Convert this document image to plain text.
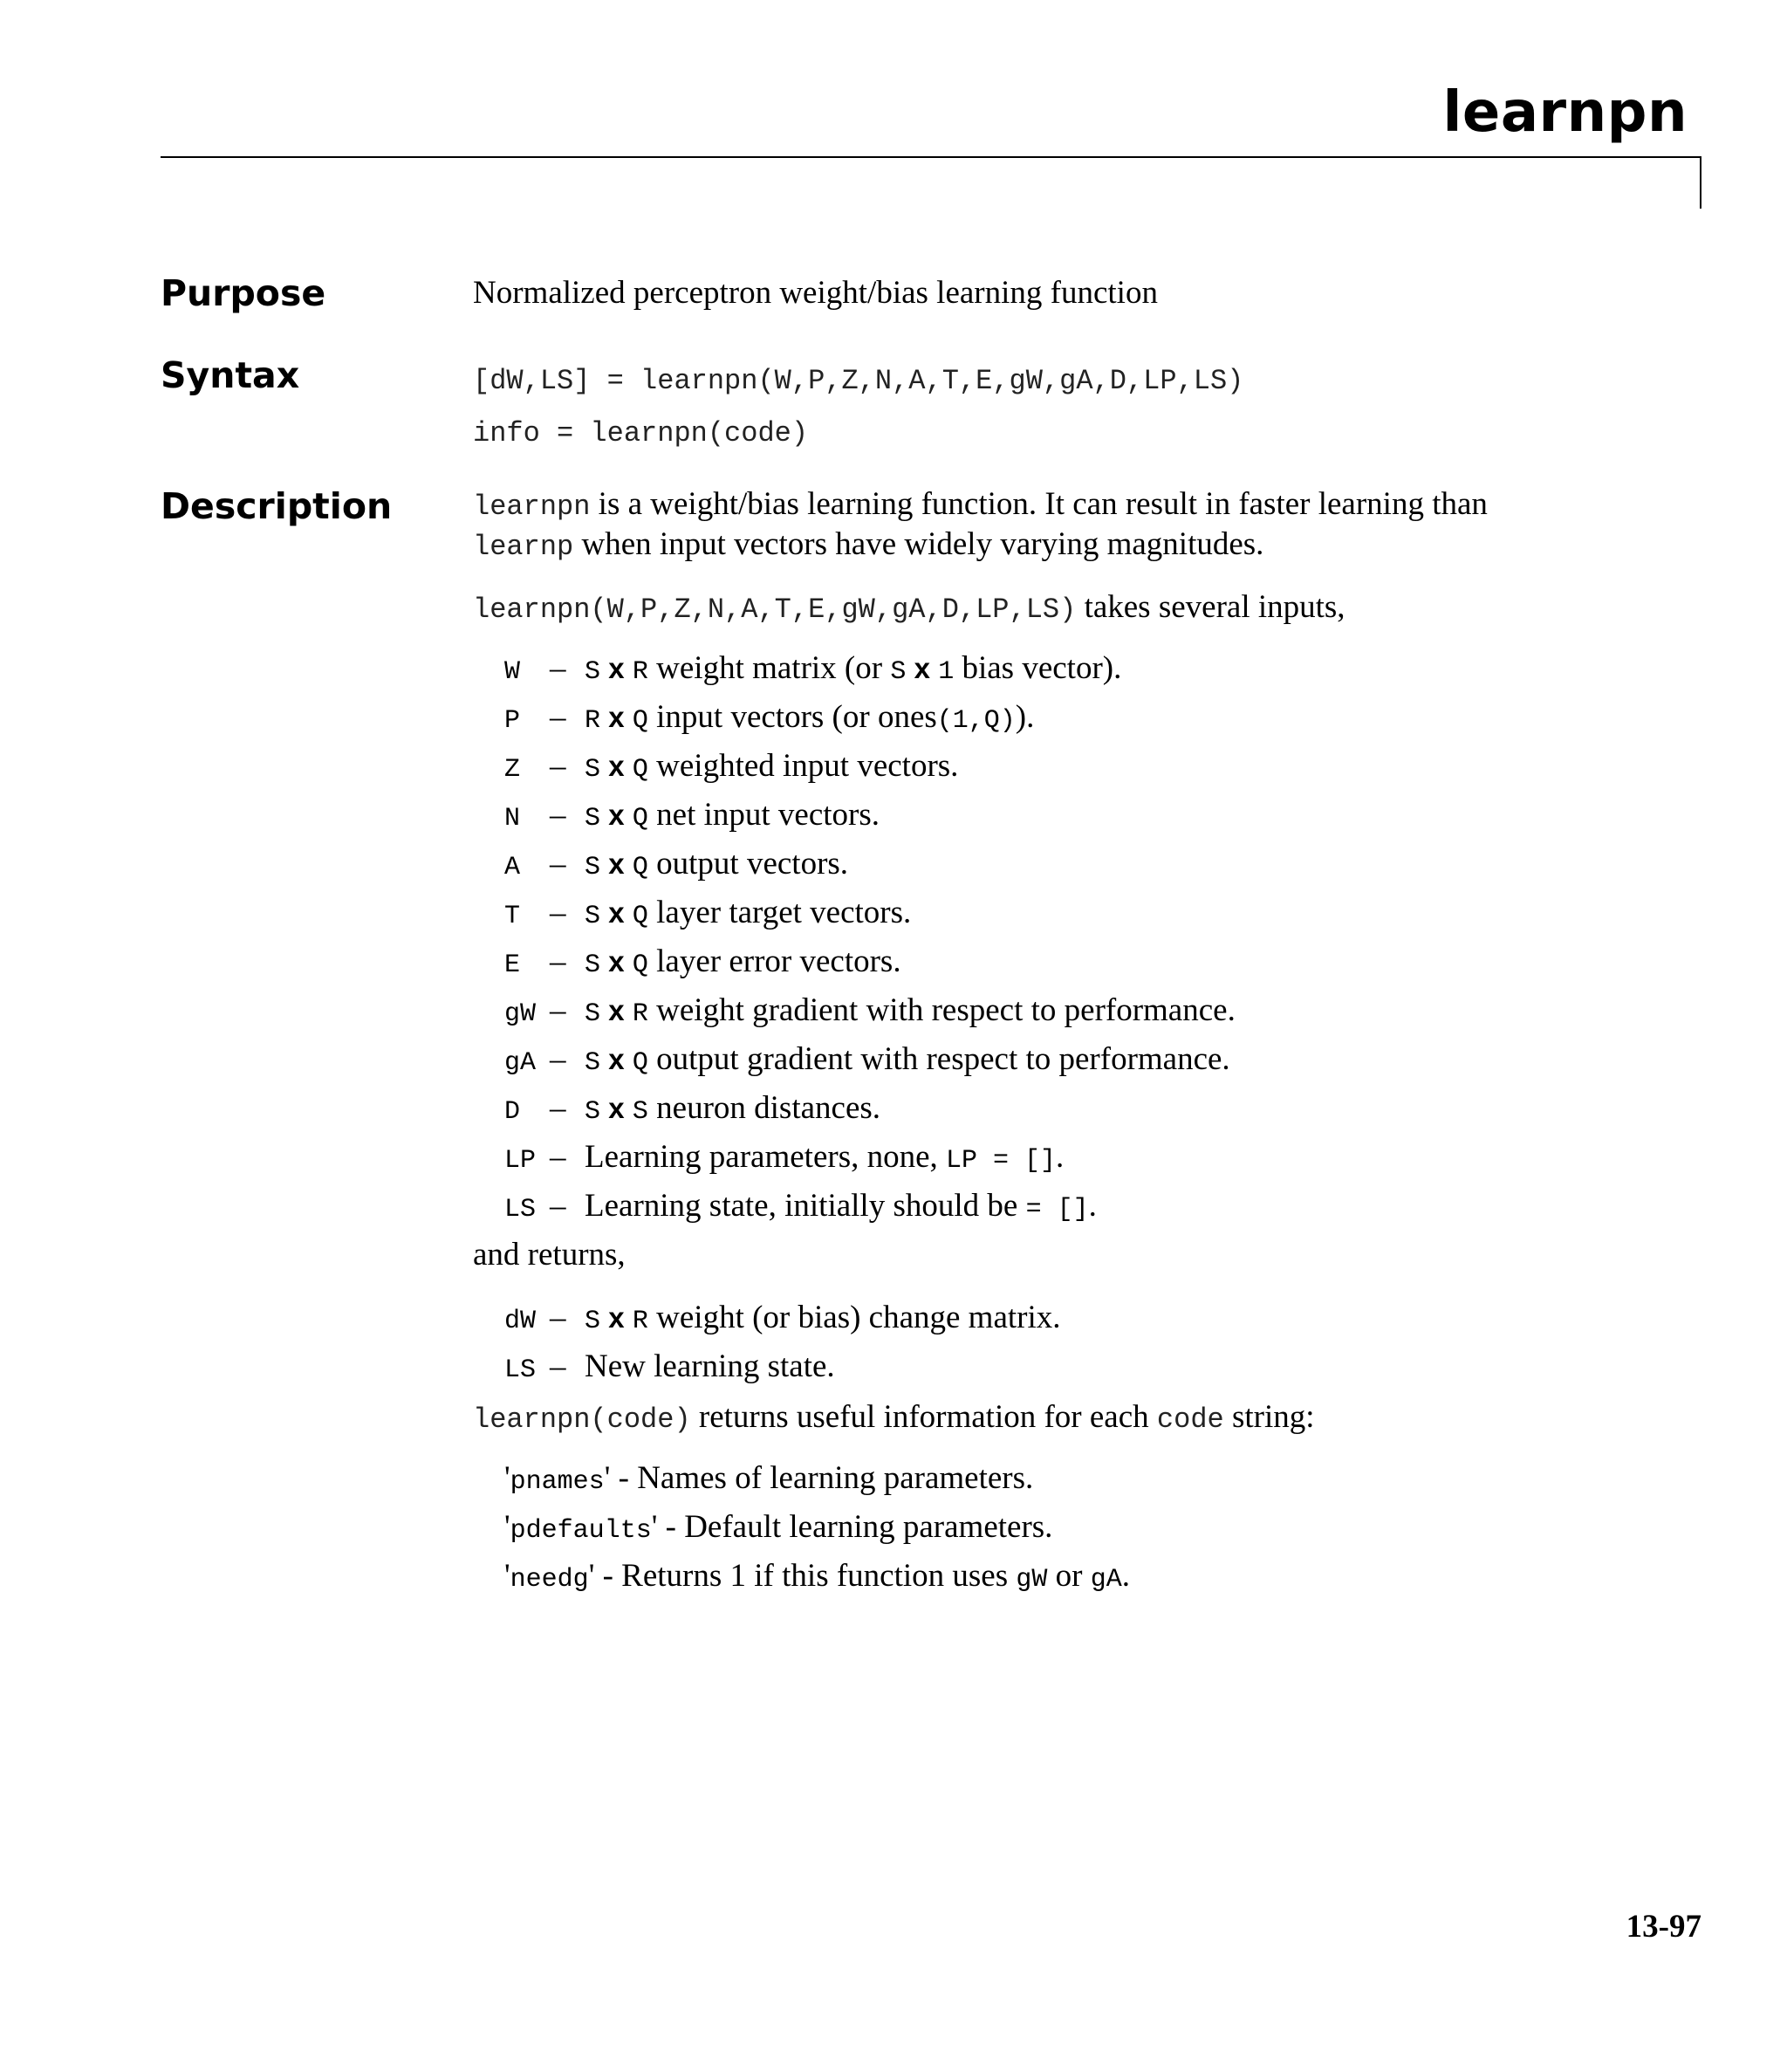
learnpn
Purpose	Normalized perceptron weight/bias learning function
Syntax	[dW,LS] = learnpn(W,P,Z,N,A,T,E,gW,gA,D,LP,LS)
info = learnpn(code)
Description	learnpn is a weight/bias learning function. It can result in faster learning than
learnp when input vectors have widely varying magnitudes.
learnpn(W,P,Z,N,A,T,E,gW,gA,D,LP,LS) takes several inputs,
W – S x R weight matrix (or S x 1 bias vector).
P – R x Q input vectors (or ones(1,Q)).
Z – S x Q weighted input vectors.
N – S x Q net input vectors.
A – S x Q output vectors.
T – S x Q layer target vectors.
E – S x Q layer error vectors.
gW – S x R weight gradient with respect to performance.
gA – S x Q output gradient with respect to performance.
D – S x S neuron distances.
LP – Learning parameters, none, LP = [].
LS – Learning state, initially should be = [].
and returns,
dW – S x R weight (or bias) change matrix.
LS – New learning state.
learnpn(code) returns useful information for each code string:
'pnames' - Names of learning parameters.
'pdefaults' - Default learning parameters.
'needg' - Returns 1 if this function uses gW or gA.
13-97
